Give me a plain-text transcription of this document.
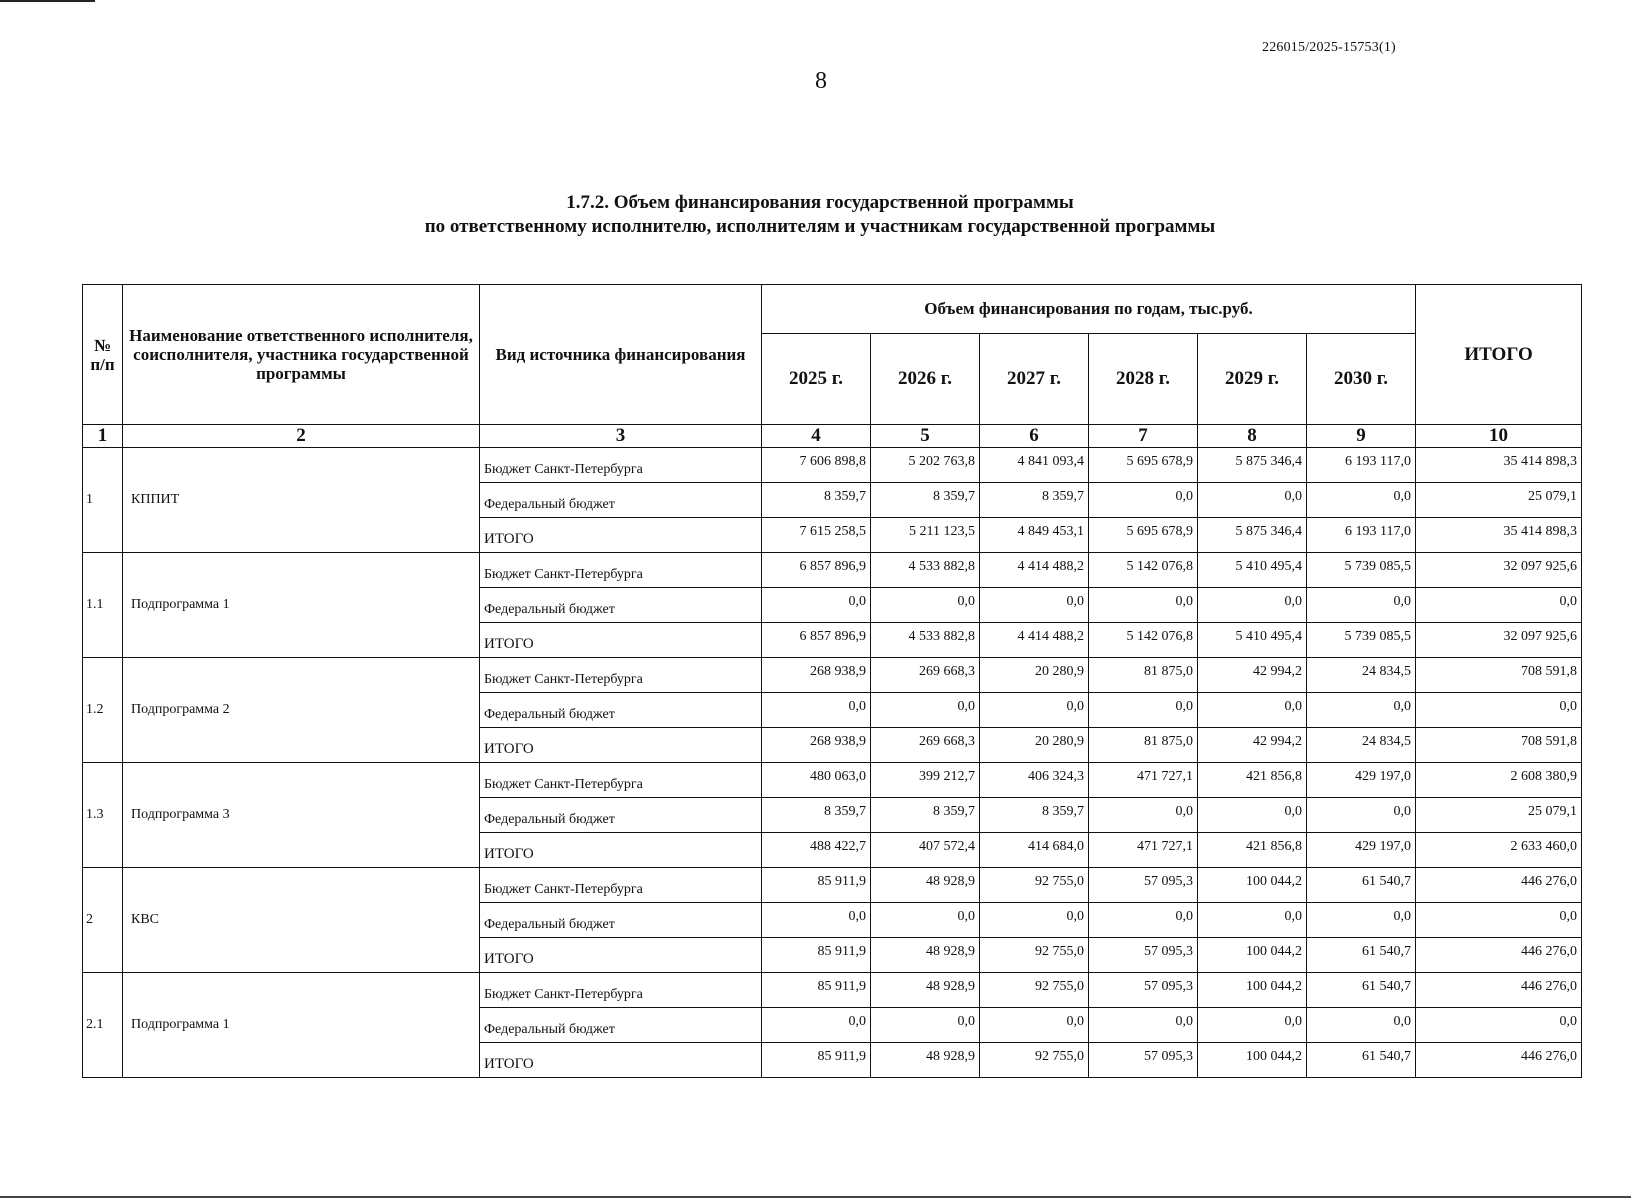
226015/2025-15753(1)
8
1.7.2. Объем финансирования государственной программы
по ответственному исполнителю, исполнителям и участникам государственной программы
№ п/п	Наименование ответственного исполнителя, соисполнителя, участника государственной программы	Вид источника финансирования	Объем финансирования по годам, тыс.руб.						ИТОГО
			2025 г.	2026 г.	2027 г.	2028 г.	2029 г.	2030 г.	
1	2	3	4	5	6	7	8	9	10
1	КППИТ	Бюджет Санкт-Петербурга	7 606 898,8	5 202 763,8	4 841 093,4	5 695 678,9	5 875 346,4	6 193 117,0	35 414 898,3
		Федеральный бюджет	8 359,7	8 359,7	8 359,7	0,0	0,0	0,0	25 079,1
		ИТОГО	7 615 258,5	5 211 123,5	4 849 453,1	5 695 678,9	5 875 346,4	6 193 117,0	35 414 898,3
1.1	Подпрограмма 1	Бюджет Санкт-Петербурга	6 857 896,9	4 533 882,8	4 414 488,2	5 142 076,8	5 410 495,4	5 739 085,5	32 097 925,6
		Федеральный бюджет	0,0	0,0	0,0	0,0	0,0	0,0	0,0
		ИТОГО	6 857 896,9	4 533 882,8	4 414 488,2	5 142 076,8	5 410 495,4	5 739 085,5	32 097 925,6
1.2	Подпрограмма 2	Бюджет Санкт-Петербурга	268 938,9	269 668,3	20 280,9	81 875,0	42 994,2	24 834,5	708 591,8
		Федеральный бюджет	0,0	0,0	0,0	0,0	0,0	0,0	0,0
		ИТОГО	268 938,9	269 668,3	20 280,9	81 875,0	42 994,2	24 834,5	708 591,8
1.3	Подпрограмма 3	Бюджет Санкт-Петербурга	480 063,0	399 212,7	406 324,3	471 727,1	421 856,8	429 197,0	2 608 380,9
		Федеральный бюджет	8 359,7	8 359,7	8 359,7	0,0	0,0	0,0	25 079,1
		ИТОГО	488 422,7	407 572,4	414 684,0	471 727,1	421 856,8	429 197,0	2 633 460,0
2	КВС	Бюджет Санкт-Петербурга	85 911,9	48 928,9	92 755,0	57 095,3	100 044,2	61 540,7	446 276,0
		Федеральный бюджет	0,0	0,0	0,0	0,0	0,0	0,0	0,0
		ИТОГО	85 911,9	48 928,9	92 755,0	57 095,3	100 044,2	61 540,7	446 276,0
2.1	Подпрограмма 1	Бюджет Санкт-Петербурга	85 911,9	48 928,9	92 755,0	57 095,3	100 044,2	61 540,7	446 276,0
		Федеральный бюджет	0,0	0,0	0,0	0,0	0,0	0,0	0,0
		ИТОГО	85 911,9	48 928,9	92 755,0	57 095,3	100 044,2	61 540,7	446 276,0
